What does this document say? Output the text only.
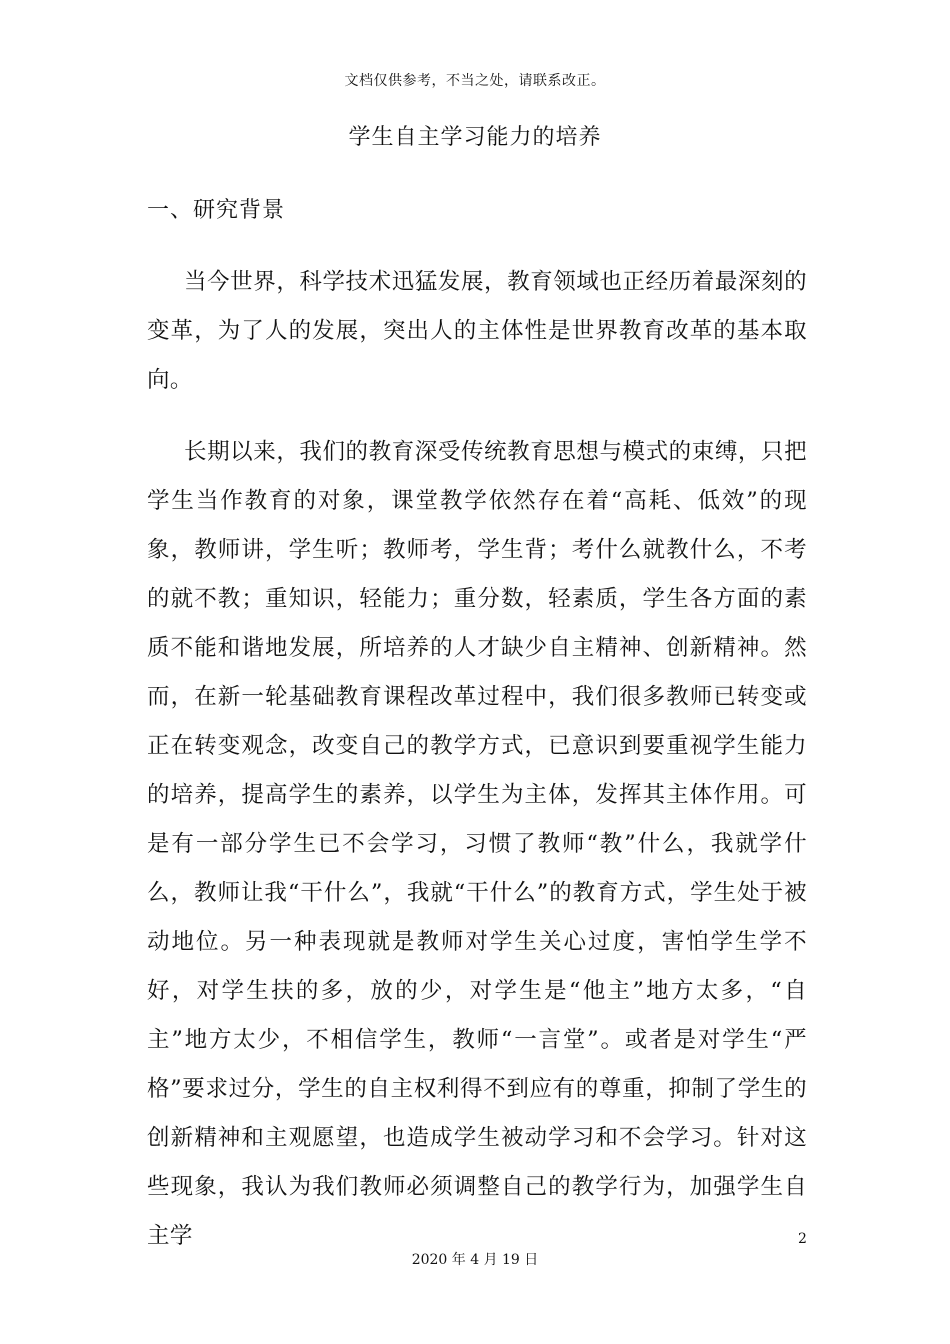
文档仅供参考，不当之处，请联系改正。
学生自主学习能力的培养
一、研究背景

当今世界，科学技术迅猛发展，教育领域也正经历着最深刻的变革，为了人的发展，突出人的主体性是世界教育改革的基本取向。

长期以来，我们的教育深受传统教育思想与模式的束缚，只把学生当作教育的对象，课堂教学依然存在着“高耗、低效”的现象，教师讲，学生听；教师考，学生背；考什么就教什么，不考的就不教；重知识，轻能力；重分数，轻素质，学生各方面的素质不能和谐地发展，所培养的人才缺少自主精神、创新精神。然而，在新一轮基础教育课程改革过程中，我们很多教师已转变或正在转变观念，改变自己的教学方式，已意识到要重视学生能力的培养，提高学生的素养，以学生为主体，发挥其主体作用。可是有一部分学生已不会学习，习惯了教师“教”什么，我就学什么，教师让我“干什么”，我就“干什么”的教育方式，学生处于被动地位。另一种表现就是教师对学生关心过度，害怕学生学不好，对学生扶的多，放的少，对学生是“他主”地方太多，“自主”地方太少，不相信学生，教师“一言堂”。或者是对学生“严格”要求过分，学生的自主权利得不到应有的尊重，抑制了学生的创新精神和主观愿望，也造成学生被动学习和不会学习。针对这些现象，我认为我们教师必须调整自己的教学行为，加强学生自主学	2
2020 年 4 月 19 日
